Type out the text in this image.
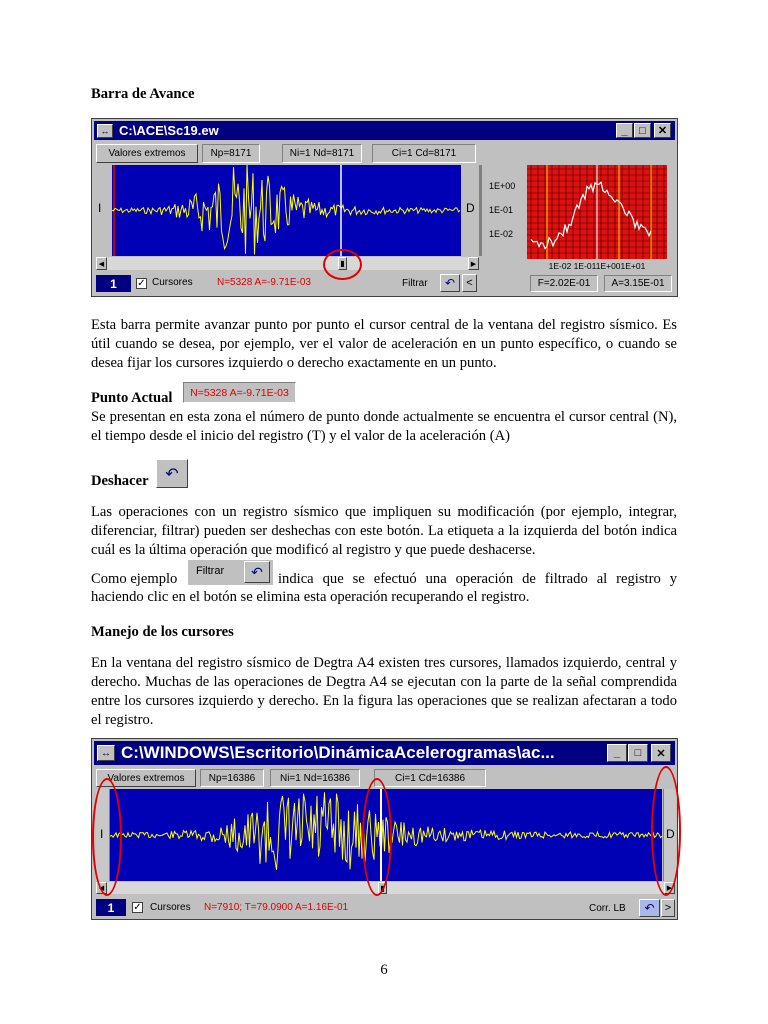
Barra de Avance
↔ C:\ACE\Sc19.ew	_	□	✕
Valores extremos	Np=8171	Ni=1 Nd=8171	Ci=1 Cd=8171
I	D
◀	▮	▶
1E+00
1E-01
1E-02
1E-02 1E-011E+001E+01
1 ✓ Cursores N=5328 A=-9.71E-03	Filtrar ↶ <	F=2.02E-01	A=3.15E-01
Esta barra permite avanzar punto por punto el cursor central de la ventana del registro sísmico. Es útil cuando se desea, por ejemplo, ver el valor de aceleración en un punto específico, o cuando se desea fijar los cursores izquierdo o derecho exactamente en un punto.
Punto Actual N=5328 A=-9.71E-03
Se presentan en esta zona el número de punto donde actualmente se encuentra el cursor central (N), el tiempo desde el inicio del registro (T) y el valor de la aceleración (A)
Deshacer ↶
Las operaciones con un registro sísmico que impliquen su modificación (por ejemplo, integrar, diferenciar, filtrar) pueden ser deshechas con este botón. La etiqueta a la izquierda del botón indica cuál es la última operación que modificó al registro y que puede deshacerse.
Como ejemplo Filtrar ↶ indica que se efectuó una operación de filtrado al registro y
haciendo clic en el botón se elimina esta operación recuperando el registro.
Manejo de los cursores
En la ventana del registro sísmico de Degtra A4 existen tres cursores, llamados izquierdo, central y derecho. Muchas de las operaciones de Degtra A4 se ejecutan con la parte de la señal comprendida entre los cursores izquierdo y derecho. En la figura las operaciones que se realizan afectaran a todo el registro.
↔ C:\WINDOWS\Escritorio\DinámicaAcelerogramas\ac...	_	□	✕
Valores extremos	Np=16386	Ni=1 Nd=16386	Ci=1 Cd=16386
I	D
◀	▮	▶
1 ✓ Cursores N=7910; T=79.0900 A=1.16E-01	Corr. LB ↶ >
6
